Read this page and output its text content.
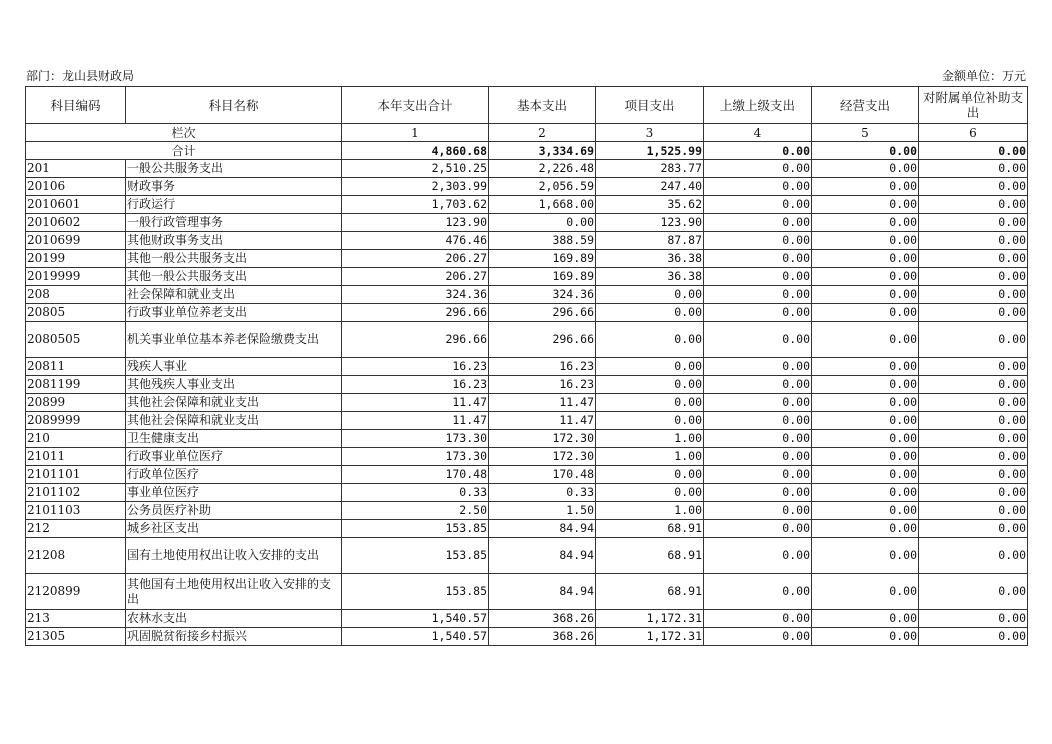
部门：龙山县财政局	金额单位：万元
科目编码	科目名称	本年支出合计	基本支出	项目支出	上缴上级支出	经营支出	对附属单位补助支出
栏次		1	2	3	4	5	6
合计		4,860.68	3,334.69	1,525.99	0.00	0.00	0.00
201	一般公共服务支出	2,510.25	2,226.48	283.77	0.00	0.00	0.00
20106	财政事务	2,303.99	2,056.59	247.40	0.00	0.00	0.00
2010601	行政运行	1,703.62	1,668.00	35.62	0.00	0.00	0.00
2010602	一般行政管理事务	123.90	0.00	123.90	0.00	0.00	0.00
2010699	其他财政事务支出	476.46	388.59	87.87	0.00	0.00	0.00
20199	其他一般公共服务支出	206.27	169.89	36.38	0.00	0.00	0.00
2019999	其他一般公共服务支出	206.27	169.89	36.38	0.00	0.00	0.00
208	社会保障和就业支出	324.36	324.36	0.00	0.00	0.00	0.00
20805	行政事业单位养老支出	296.66	296.66	0.00	0.00	0.00	0.00
2080505	机关事业单位基本养老保险缴费支出	296.66	296.66	0.00	0.00	0.00	0.00
20811	残疾人事业	16.23	16.23	0.00	0.00	0.00	0.00
2081199	其他残疾人事业支出	16.23	16.23	0.00	0.00	0.00	0.00
20899	其他社会保障和就业支出	11.47	11.47	0.00	0.00	0.00	0.00
2089999	其他社会保障和就业支出	11.47	11.47	0.00	0.00	0.00	0.00
210	卫生健康支出	173.30	172.30	1.00	0.00	0.00	0.00
21011	行政事业单位医疗	173.30	172.30	1.00	0.00	0.00	0.00
2101101	行政单位医疗	170.48	170.48	0.00	0.00	0.00	0.00
2101102	事业单位医疗	0.33	0.33	0.00	0.00	0.00	0.00
2101103	公务员医疗补助	2.50	1.50	1.00	0.00	0.00	0.00
212	城乡社区支出	153.85	84.94	68.91	0.00	0.00	0.00
21208	国有土地使用权出让收入安排的支出	153.85	84.94	68.91	0.00	0.00	0.00
2120899	其他国有土地使用权出让收入安排的支出	153.85	84.94	68.91	0.00	0.00	0.00
213	农林水支出	1,540.57	368.26	1,172.31	0.00	0.00	0.00
21305	巩固脱贫衔接乡村振兴	1,540.57	368.26	1,172.31	0.00	0.00	0.00
